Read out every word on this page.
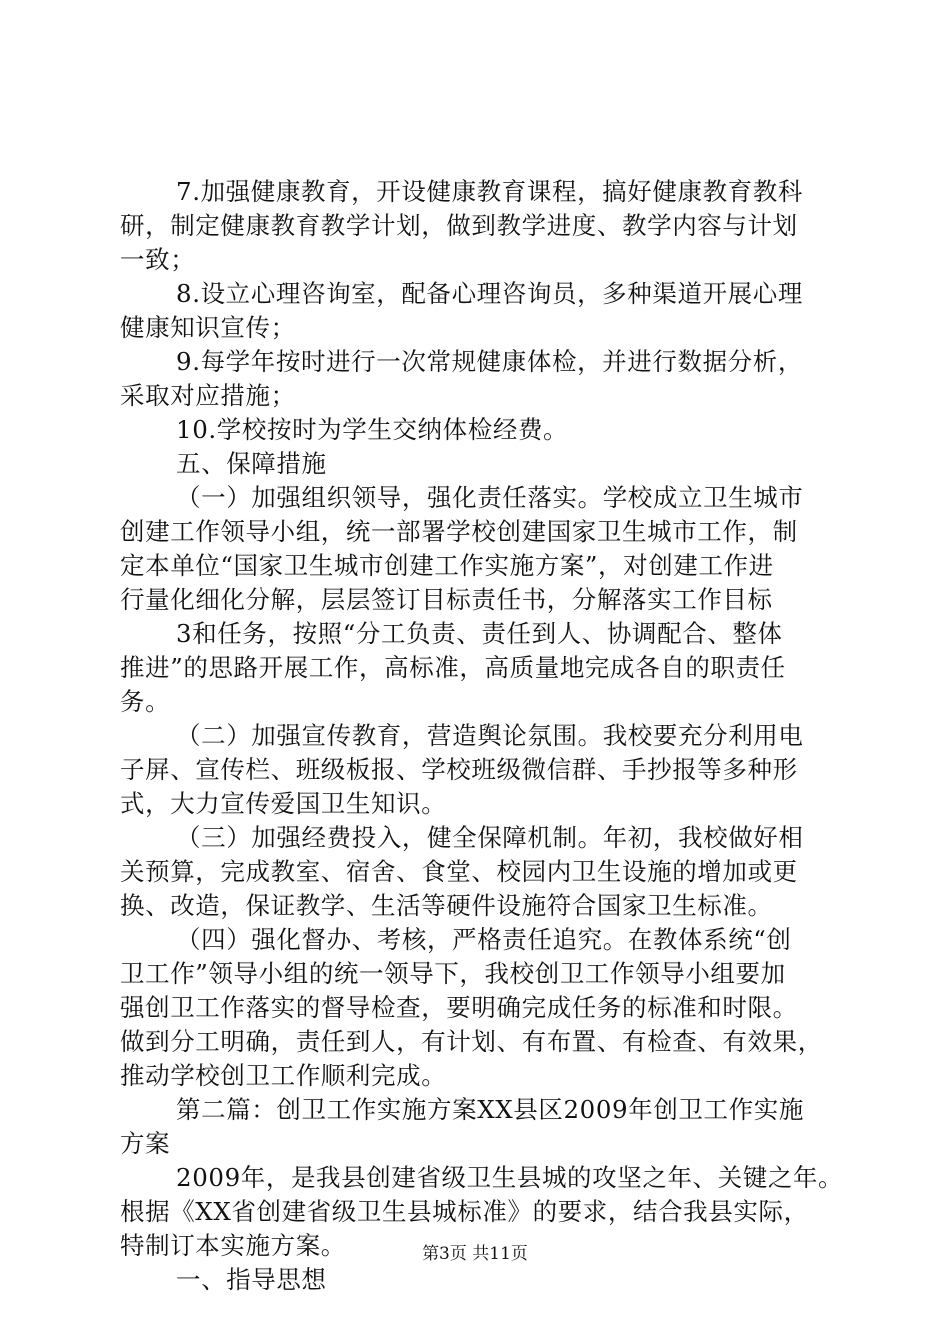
7.加强健康教育，开设健康教育课程，搞好健康教育教科
研，制定健康教育教学计划，做到教学进度、教学内容与计划
一致；
8.设立心理咨询室，配备心理咨询员，多种渠道开展心理
健康知识宣传；
9.每学年按时进行一次常规健康体检，并进行数据分析，
采取对应措施；
10.学校按时为学生交纳体检经费。
五、保障措施
（一）加强组织领导，强化责任落实。学校成立卫生城市
创建工作领导小组，统一部署学校创建国家卫生城市工作，制
定本单位“国家卫生城市创建工作实施方案”，对创建工作进
行量化细化分解，层层签订目标责任书，分解落实工作目标
3和任务，按照“分工负责、责任到人、协调配合、整体
推进”的思路开展工作，高标准，高质量地完成各自的职责任
务。
（二）加强宣传教育，营造舆论氛围。我校要充分利用电
子屏、宣传栏、班级板报、学校班级微信群、手抄报等多种形
式，大力宣传爱国卫生知识。
（三）加强经费投入，健全保障机制。年初，我校做好相
关预算，完成教室、宿舍、食堂、校园内卫生设施的增加或更
换、改造，保证教学、生活等硬件设施符合国家卫生标准。
（四）强化督办、考核，严格责任追究。在教体系统“创
卫工作”领导小组的统一领导下，我校创卫工作领导小组要加
强创卫工作落实的督导检查，要明确完成任务的标准和时限。
做到分工明确，责任到人，有计划、有布置、有检查、有效果，
推动学校创卫工作顺利完成。
第二篇：创卫工作实施方案XX县区2009年创卫工作实施
方案
2009年，是我县创建省级卫生县城的攻坚之年、关键之年。
根据《XX省创建省级卫生县城标准》的要求，结合我县实际，
特制订本实施方案。
一、指导思想
第3页 共11页
